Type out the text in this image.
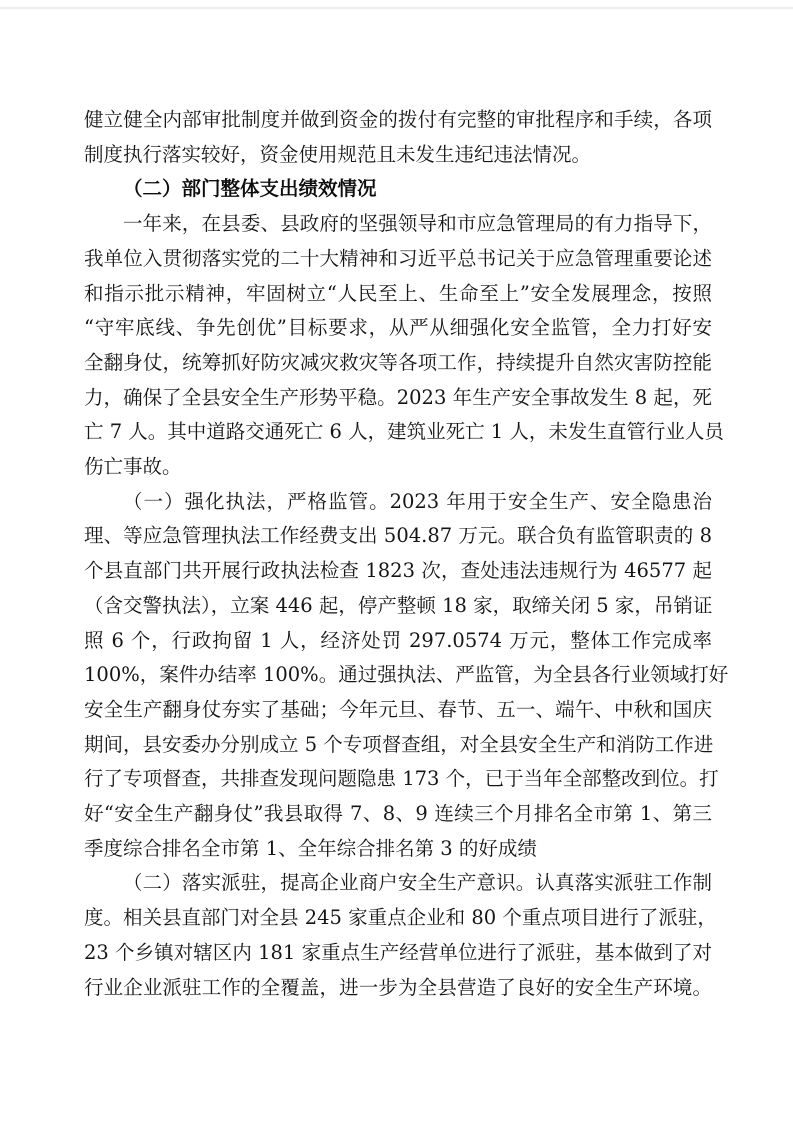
健立健全内部审批制度并做到资金的拨付有完整的审批程序和手续，各项
制度执行落实较好，资金使用规范且未发生违纪违法情况。
（二）部门整体支出绩效情况
一年来，在县委、县政府的坚强领导和市应急管理局的有力指导下，
我单位入贯彻落实党的二十大精神和习近平总书记关于应急管理重要论述
和指示批示精神，牢固树立“人民至上、生命至上”安全发展理念，按照
“守牢底线、争先创优”目标要求，从严从细强化安全监管，全力打好安
全翻身仗，统筹抓好防灾减灾救灾等各项工作，持续提升自然灾害防控能
力，确保了全县安全生产形势平稳。2023 年生产安全事故发生 8 起，死
亡 7 人。其中道路交通死亡 6 人，建筑业死亡 1 人，未发生直管行业人员
伤亡事故。
（一）强化执法，严格监管。2023 年用于安全生产、安全隐患治
理、等应急管理执法工作经费支出 504.87 万元。联合负有监管职责的 8
个县直部门共开展行政执法检查 1823 次，查处违法违规行为 46577 起
（含交警执法），立案 446 起，停产整顿 18 家，取缔关闭 5 家，吊销证
照 6 个，行政拘留 1 人，经济处罚 297.0574 万元，整体工作完成率
100%，案件办结率 100%。通过强执法、严监管，为全县各行业领域打好
安全生产翻身仗夯实了基础；今年元旦、春节、五一、端午、中秋和国庆
期间，县安委办分别成立 5 个专项督查组，对全县安全生产和消防工作进
行了专项督查，共排查发现问题隐患 173 个，已于当年全部整改到位。打
好“安全生产翻身仗”我县取得 7、8、9 连续三个月排名全市第 1、第三
季度综合排名全市第 1、全年综合排名第 3 的好成绩
（二）落实派驻，提高企业商户安全生产意识。认真落实派驻工作制
度。相关县直部门对全县 245 家重点企业和 80 个重点项目进行了派驻，
23 个乡镇对辖区内 181 家重点生产经营单位进行了派驻，基本做到了对
行业企业派驻工作的全覆盖，进一步为全县营造了良好的安全生产环境。
